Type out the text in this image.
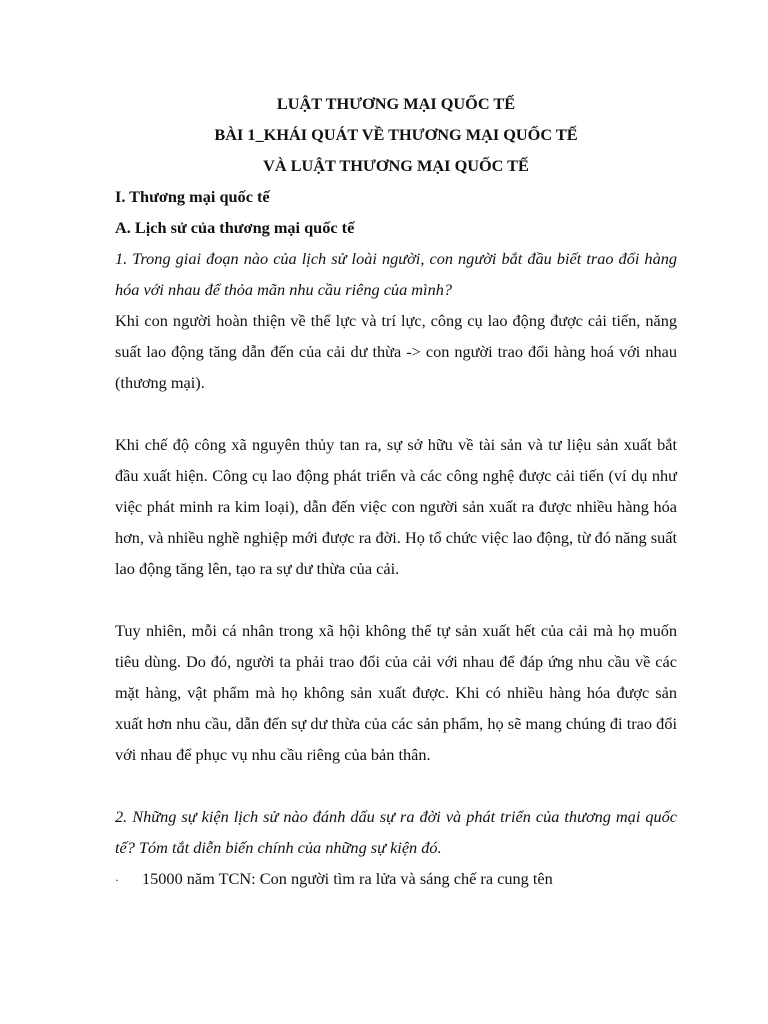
LUẬT THƯƠNG MẠI QUỐC TẾ
BÀI 1_KHÁI QUÁT VỀ THƯƠNG MẠI QUỐC TẾ
VÀ LUẬT THƯƠNG MẠI QUỐC TẾ

I. Thương mại quốc tế

A. Lịch sử của thương mại quốc tế

1. Trong giai đoạn nào của lịch sử loài người, con người bắt đầu biết trao đổi hàng hóa với nhau để thỏa mãn nhu cầu riêng của mình?

Khi con người hoàn thiện về thể lực và trí lực, công cụ lao động được cải tiến, năng suất lao động tăng dẫn đến của cải dư thừa -> con người trao đổi hàng hoá với nhau (thương mại).

Khi chế độ công xã nguyên thủy tan ra, sự sở hữu về tài sản và tư liệu sản xuất bắt đầu xuất hiện. Công cụ lao động phát triển và các công nghệ được cải tiến (ví dụ như việc phát minh ra kim loại), dẫn đến việc con người sản xuất ra được nhiều hàng hóa hơn, và nhiều nghề nghiệp mới được ra đời. Họ tổ chức việc lao động, từ đó năng suất lao động tăng lên, tạo ra sự dư thừa của cải.

Tuy nhiên, mỗi cá nhân trong xã hội không thể tự sản xuất hết của cải mà họ muốn tiêu dùng. Do đó, người ta phải trao đổi của cải với nhau để đáp ứng nhu cầu về các mặt hàng, vật phẩm mà họ không sản xuất được. Khi có nhiều hàng hóa được sản xuất hơn nhu cầu, dẫn đến sự dư thừa của các sản phẩm, họ sẽ mang chúng đi trao đổi với nhau để phục vụ nhu cầu riêng của bản thân.

2. Những sự kiện lịch sử nào đánh dấu sự ra đời và phát triển của thương mại quốc tế? Tóm tắt diễn biến chính của những sự kiện đó.

·	15000 năm TCN: Con người tìm ra lửa và sáng chế ra cung tên
